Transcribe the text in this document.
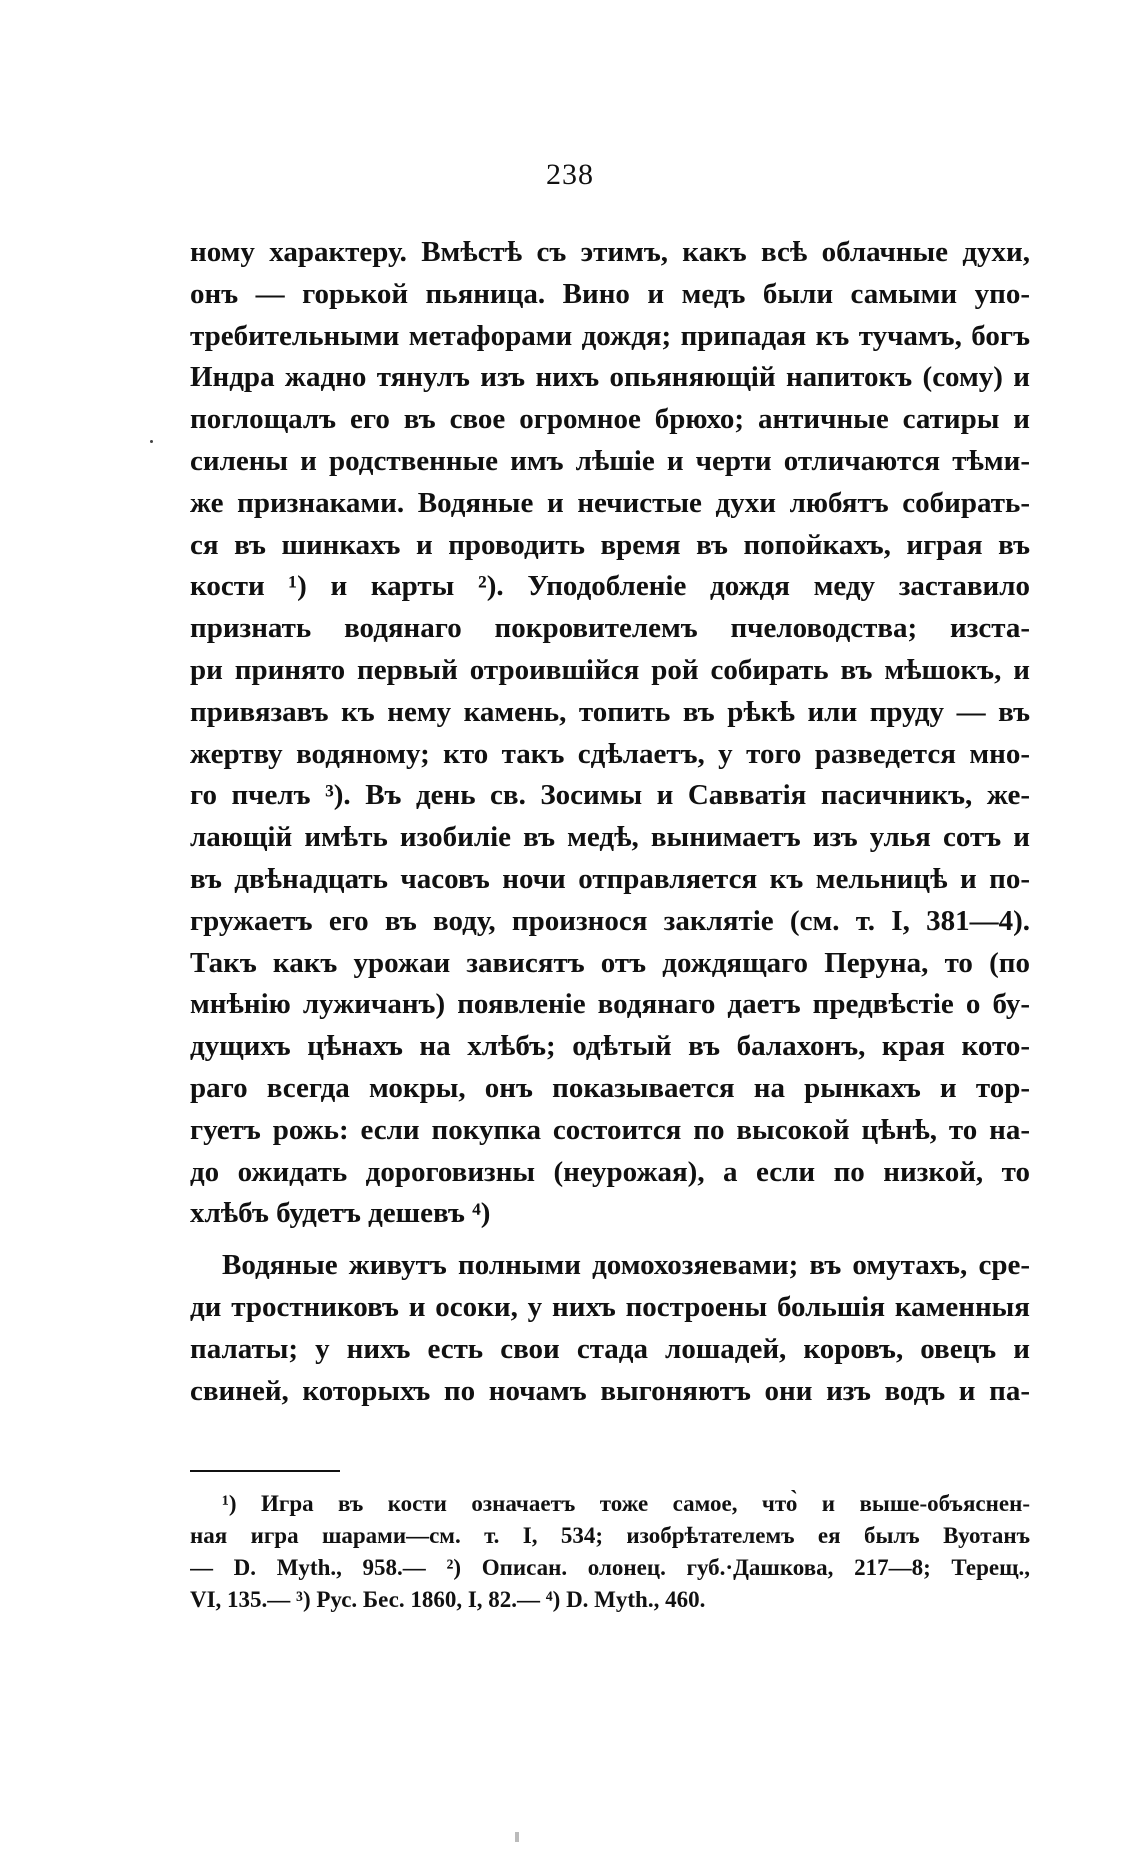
238
ному характеру. Вмѣстѣ съ этимъ, какъ всѣ облачные духи,
онъ — горькой пьяница. Вино и медъ были самыми упо-
требительными метафорами дождя; припадая къ тучамъ, богъ
Индра жадно тянулъ изъ нихъ опьяняющій напитокъ (сому) и
поглощалъ его въ свое огромное брюхо; античные сатиры и
силены и родственные имъ лѣшіе и черти отличаются тѣми-
же признаками. Водяные и нечистые духи любятъ собирать-
ся въ шинкахъ и проводить время въ попойкахъ, играя въ
кости ¹) и карты ²). Уподобленіе дождя меду заставило
признать водянаго покровителемъ пчеловодства; изста-
ри принято первый отроившійся рой собирать въ мѣшокъ, и
привязавъ къ нему камень, топить въ рѣкѣ или пруду — въ
жертву водяному; кто такъ сдѣлаетъ, у того разведется мно-
го пчелъ ³). Въ день св. Зосимы и Савватія пасичникъ, же-
лающій имѣть изобиліе въ медѣ, вынимаетъ изъ улья сотъ и
въ двѣнадцать часовъ ночи отправляется къ мельницѣ и по-
гружаетъ его въ воду, произнося заклятіе (см. т. I, 381—4).
Такъ какъ урожаи зависятъ отъ дождящаго Перуна, то (по
мнѣнію лужичанъ) появленіе водянаго даетъ предвѣстіе о бу-
дущихъ цѣнахъ на хлѣбъ; одѣтый въ балахонъ, края кото-
раго всегда мокры, онъ показывается на рынкахъ и тор-
гуетъ рожь: если покупка состоится по высокой цѣнѣ, то на-
до ожидать дороговизны (неурожая), а если по низкой, то
хлѣбъ будетъ дешевъ ⁴)
Водяные живутъ полными домохозяевами; въ омутахъ, сре-
ди тростниковъ и осоки, у нихъ построены большія каменныя
палаты; у нихъ есть свои стада лошадей, коровъ, овецъ и
свиней, которыхъ по ночамъ выгоняютъ они изъ водъ и па-
¹) Игра въ кости означаетъ тоже самое, что̀ и выше-объяснен-
ная игра шарами—см. т. I, 534; изобрѣтателемъ ея былъ Вуотанъ
— D. Myth., 958.— ²) Описан. олонец. губ.·Дашкова, 217—8; Терещ.,
VI, 135.— ³) Рус. Бес. 1860, I, 82.— ⁴) D. Myth., 460.
